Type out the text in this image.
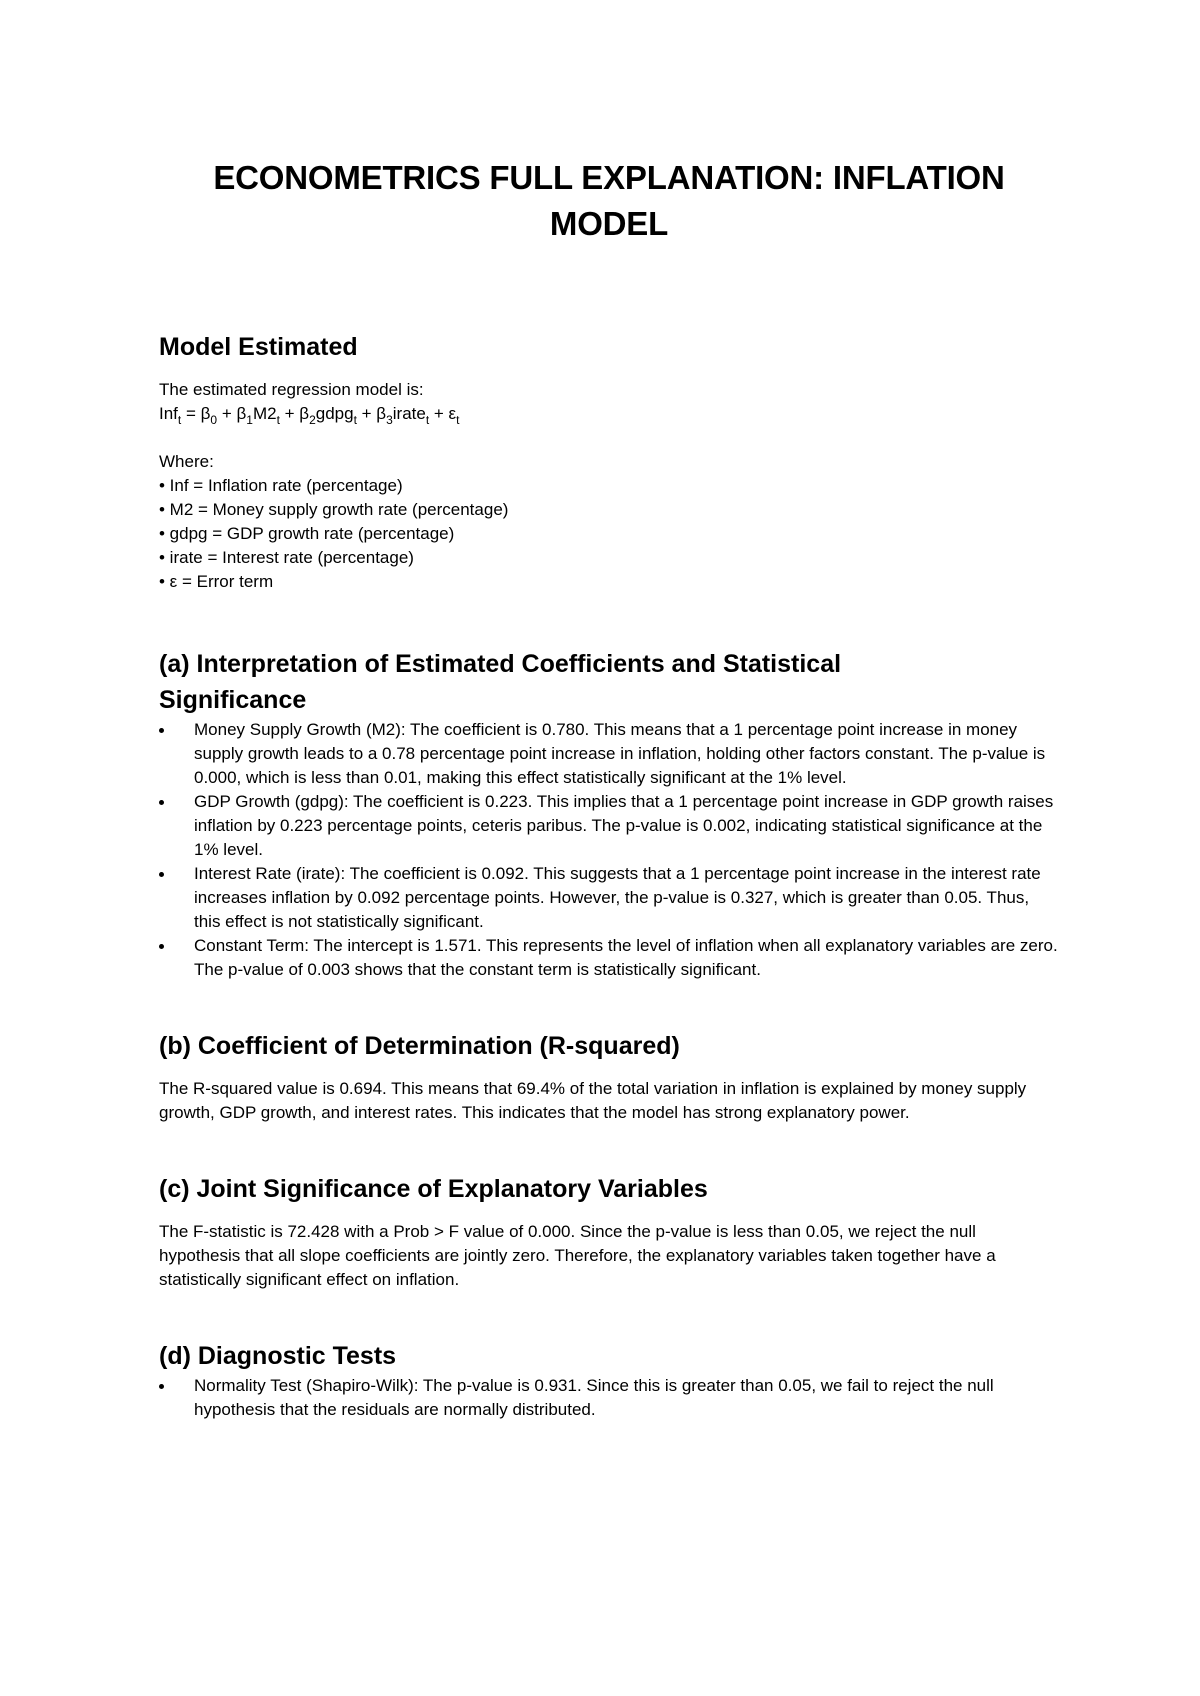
ECONOMETRICS FULL EXPLANATION: INFLATION
MODEL
Model Estimated

The estimated regression model is:

$Inf_t = \beta_0 + \beta_1M2_t$ + $\beta_2gdpg_t$ + $\beta_3irate_t + \varepsilon_t$

Where:

• Inf = Inflation rate (percentage)
• M2 = Money supply growth rate (percentage)
• gdpg = GDP growth rate (percentage)
• irate = Interest rate (percentage)
• ε = Error term
(a) Interpretation of Estimated Coefficients and Statistical
Significance
Money Supply Growth (M2): The coefficient is 0.780. This means that a 1 percentage point increase in money supply growth leads to a 0.78 percentage point increase in inflation, holding other factors constant. The p-value is 0.000, which is less than 0.01, making this effect statistically significant at the 1% level.
GDP Growth (gdpg): The coefficient is 0.223. This implies that a 1 percentage point increase in GDP growth raises inflation by 0.223 percentage points, ceteris paribus. The p-value is 0.002, indicating statistical significance at the 1% level.
Interest Rate (irate): The coefficient is 0.092. This suggests that a 1 percentage point increase in the interest rate increases inflation by 0.092 percentage points. However, the p-value is 0.327, which is greater than 0.05. Thus, this effect is not statistically significant.
Constant Term: The intercept is 1.571. This represents the level of inflation when all explanatory variables are zero. The p-value of 0.003 shows that the constant term is statistically significant.
(b) Coefficient of Determination (R-squared)

The R-squared value is 0.694. This means that 69.4% of the total variation in inflation is explained by money supply growth, GDP growth, and interest rates. This indicates that the model has strong explanatory power.

(c) Joint Significance of Explanatory Variables

The F-statistic is 72.428 with a Prob > F value of 0.000. Since the p-value is less than 0.05, we reject the null hypothesis that all slope coefficients are jointly zero. Therefore, the explanatory variables taken together have a statistically significant effect on inflation.

(d) Diagnostic Tests
Normality Test (Shapiro-Wilk): The p-value is 0.931. Since this is greater than 0.05, we fail to reject the null hypothesis that the residuals are normally distributed.
